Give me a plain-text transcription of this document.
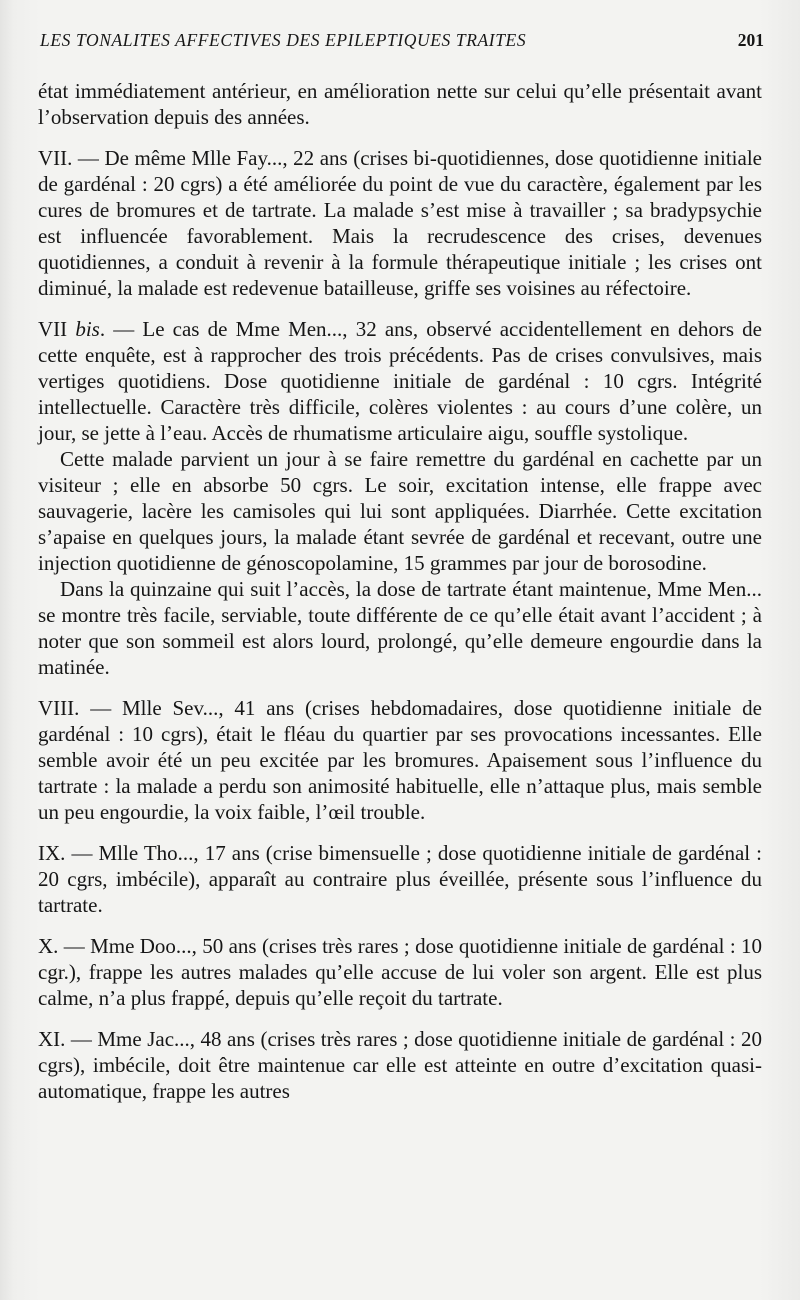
LES TONALITES AFFECTIVES DES EPILEPTIQUES TRAITES	201

état immédiatement antérieur, en amélioration nette sur celui qu’elle présentait avant l’observation depuis des années.

VII. — De même Mlle Fay..., 22 ans (crises bi-quotidiennes, dose quotidienne initiale de gardénal : 20 cgrs) a été améliorée du point de vue du caractère, également par les cures de bromures et de tartrate. La malade s’est mise à travailler ; sa bradypsychie est influencée favorablement. Mais la recrudescence des crises, devenues quotidiennes, a conduit à revenir à la formule thérapeutique initiale ; les crises ont diminué, la malade est redevenue batailleuse, griffe ses voisines au réfectoire.

VII bis. — Le cas de Mme Men..., 32 ans, observé accidentellement en dehors de cette enquête, est à rapprocher des trois précédents. Pas de crises convulsives, mais vertiges quotidiens. Dose quotidienne initiale de gardénal : 10 cgrs. Intégrité intellectuelle. Caractère très difficile, colères violentes : au cours d’une colère, un jour, se jette à l’eau. Accès de rhumatisme articulaire aigu, souffle systolique.

Cette malade parvient un jour à se faire remettre du gardénal en cachette par un visiteur ; elle en absorbe 50 cgrs. Le soir, excitation intense, elle frappe avec sauvagerie, lacère les camisoles qui lui sont appliquées. Diarrhée. Cette excitation s’apaise en quelques jours, la malade étant sevrée de gardénal et recevant, outre une injection quotidienne de génoscopolamine, 15 grammes par jour de borosodine.

Dans la quinzaine qui suit l’accès, la dose de tartrate étant maintenue, Mme Men... se montre très facile, serviable, toute différente de ce qu’elle était avant l’accident ; à noter que son sommeil est alors lourd, prolongé, qu’elle demeure engourdie dans la matinée.

VIII. — Mlle Sev..., 41 ans (crises hebdomadaires, dose quotidienne initiale de gardénal : 10 cgrs), était le fléau du quartier par ses provocations incessantes. Elle semble avoir été un peu excitée par les bromures. Apaisement sous l’influence du tartrate : la malade a perdu son animosité habituelle, elle n’attaque plus, mais semble un peu engourdie, la voix faible, l’œil trouble.

IX. — Mlle Tho..., 17 ans (crise bimensuelle ; dose quotidienne initiale de gardénal : 20 cgrs, imbécile), apparaît au contraire plus éveillée, présente sous l’influence du tartrate.

X. — Mme Doo..., 50 ans (crises très rares ; dose quotidienne initiale de gardénal : 10 cgr.), frappe les autres malades qu’elle accuse de lui voler son argent. Elle est plus calme, n’a plus frappé, depuis qu’elle reçoit du tartrate.

XI. — Mme Jac..., 48 ans (crises très rares ; dose quotidienne initiale de gardénal : 20 cgrs), imbécile, doit être maintenue car elle est atteinte en outre d’excitation quasi-automatique, frappe les autres
